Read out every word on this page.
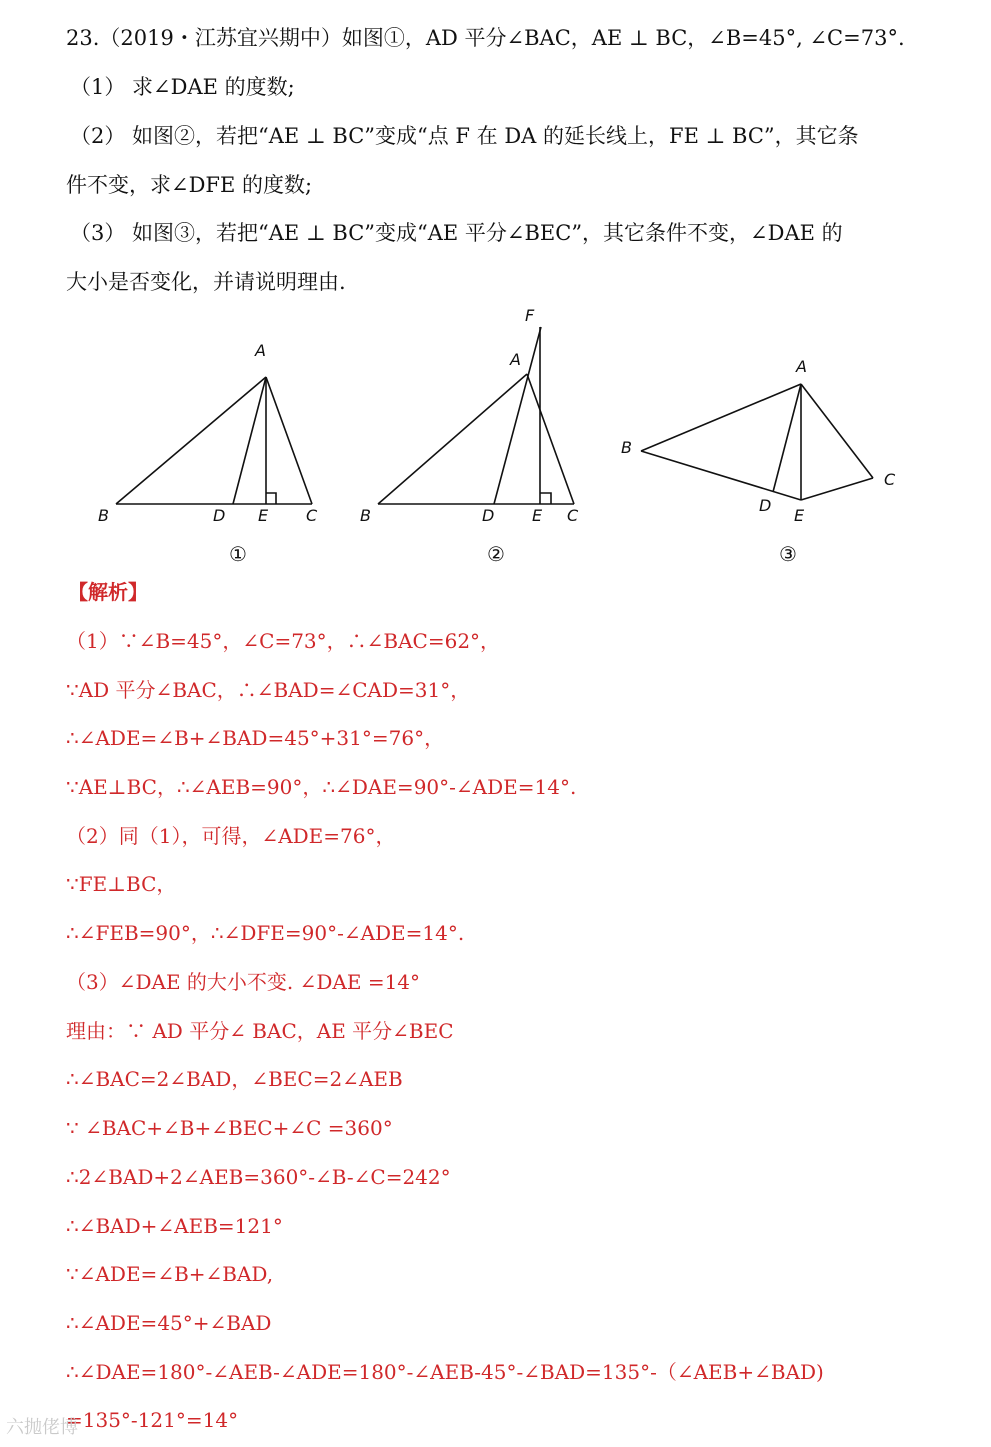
23.（2019・江苏宜兴期中）如图①，AD 平分∠BAC，AE ⊥ BC，∠B=45°, ∠C=73°.
（1） 求∠DAE 的度数;
（2） 如图②，若把“AE ⊥ BC”变成“点 F 在 DA 的延长线上，FE ⊥ BC”，其它条
件不变，求∠DFE 的度数;
（3） 如图③，若把“AE ⊥ BC”变成“AE 平分∠BEC”，其它条件不变，∠DAE 的
大小是否变化，并请说明理由.
A
B	D E C
①
F
A
B	D E C
②
A
B
D
E
C
③
【解析】
（1）∵∠B=45°，∠C=73°，∴∠BAC=62°，
∵AD 平分∠BAC，∴∠BAD=∠CAD=31°，
∴∠ADE=∠B+∠BAD=45°+31°=76°，
∵AE⊥BC，∴∠AEB=90°，∴∠DAE=90°-∠ADE=14°.
（2）同（1），可得，∠ADE=76°，
∵FE⊥BC，
∴∠FEB=90°，∴∠DFE=90°-∠ADE=14°.
（3）∠DAE 的大小不变. ∠DAE =14°
理由：∵ AD 平分∠ BAC，AE 平分∠BEC
∴∠BAC=2∠BAD，∠BEC=2∠AEB
∵ ∠BAC+∠B+∠BEC+∠C =360°
∴2∠BAD+2∠AEB=360°-∠B-∠C=242°
∴∠BAD+∠AEB=121°
∵∠ADE=∠B+∠BAD,
∴∠ADE=45°+∠BAD
∴∠DAE=180°-∠AEB-∠ADE=180°-∠AEB-45°-∠BAD=135°-（∠AEB+∠BAD)
=135°-121°=14°
六抛佬博
